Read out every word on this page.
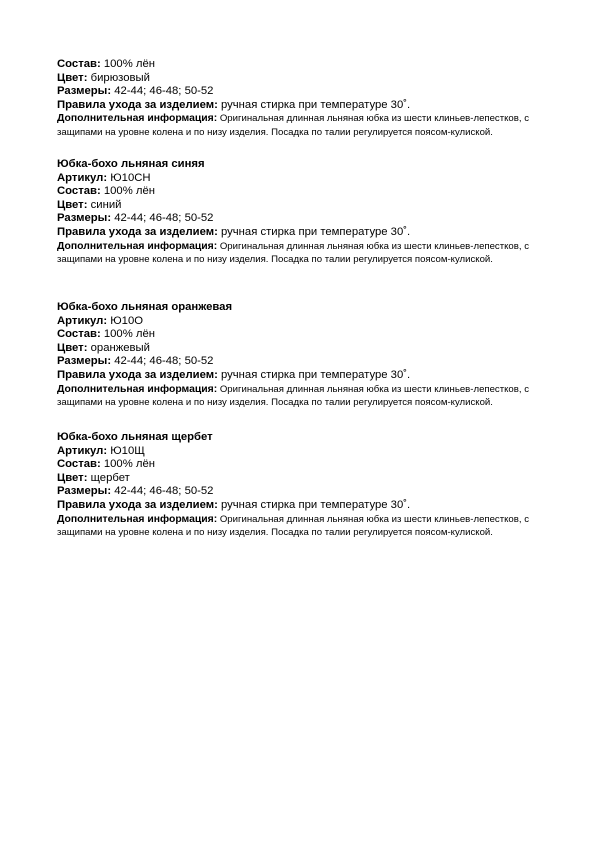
Состав: 100% лён
Цвет: бирюзовый
Размеры: 42-44; 46-48; 50-52
Правила ухода за изделием: ручная стирка при температуре 30˚.
Дополнительная информация: Оригинальная длинная льняная юбка из шести клиньев-лепестков, с защипами на уровне колена и по низу изделия. Посадка по талии регулируется поясом-кулиской.
Юбка-бохо льняная синяя
Артикул: Ю10СН
Состав: 100% лён
Цвет: синий
Размеры: 42-44; 46-48; 50-52
Правила ухода за изделием: ручная стирка при температуре 30˚.
Дополнительная информация: Оригинальная длинная льняная юбка из шести клиньев-лепестков, с защипами на уровне колена и по низу изделия. Посадка по талии регулируется поясом-кулиской.
Юбка-бохо льняная оранжевая
Артикул: Ю10О
Состав: 100% лён
Цвет: оранжевый
Размеры: 42-44; 46-48; 50-52
Правила ухода за изделием: ручная стирка при температуре 30˚.
Дополнительная информация: Оригинальная длинная льняная юбка из шести клиньев-лепестков, с защипами на уровне колена и по низу изделия. Посадка по талии регулируется поясом-кулиской.
Юбка-бохо льняная щербет
Артикул: Ю10Щ
Состав: 100% лён
Цвет: щербет
Размеры: 42-44; 46-48; 50-52
Правила ухода за изделием: ручная стирка при температуре 30˚.
Дополнительная информация: Оригинальная длинная льняная юбка из шести клиньев-лепестков, с защипами на уровне колена и по низу изделия. Посадка по талии регулируется поясом-кулиской.
